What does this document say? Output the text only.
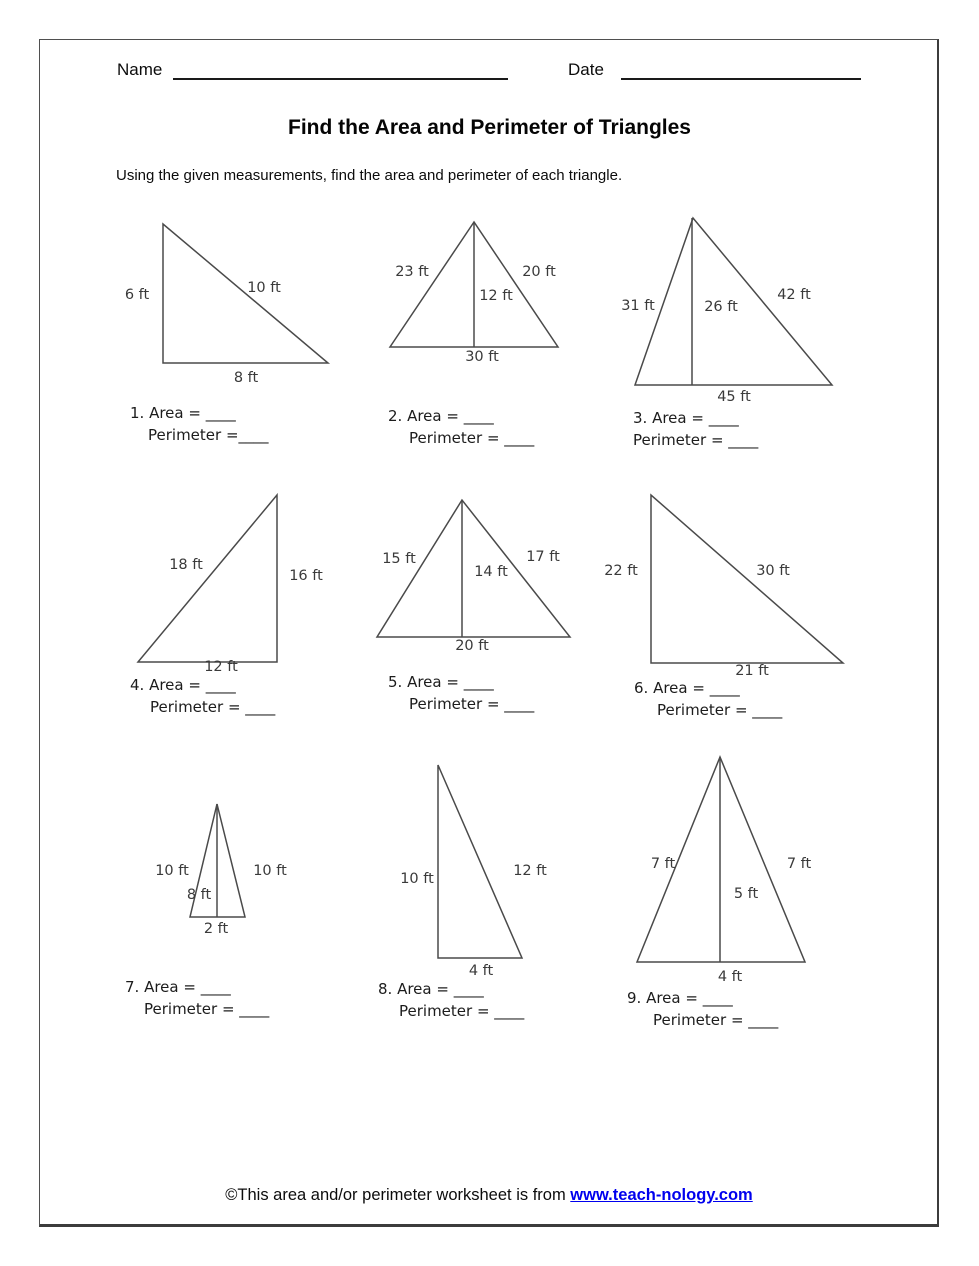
Name	Date
Find the Area and Perimeter of Triangles
Using the given measurements, find the area and perimeter of each triangle.
6 ft	10 ft
8 ft
1. Area = ____
Perimeter =____
23 ft	20 ft
12 ft
30 ft
2. Area = ____
Perimeter = ____
31 ft	26 ft
42 ft
45 ft
3. Area = ____
Perimeter = ____
18 ft
16 ft
12 ft
4. Area = ____
Perimeter = ____
15 ft
14 ft
17 ft
20 ft
5. Area = ____
Perimeter = ____
22 ft	30 ft
21 ft
6. Area = ____
Perimeter = ____
10 ft	10 ft
8 ft
2 ft
7. Area = ____
Perimeter = ____
10 ft	12 ft
4 ft
8. Area = ____
Perimeter = ____
7 ft	7 ft
5 ft
4 ft
9. Area = ____
Perimeter = ____
©This area and/or perimeter worksheet is from www.teach-nology.com
